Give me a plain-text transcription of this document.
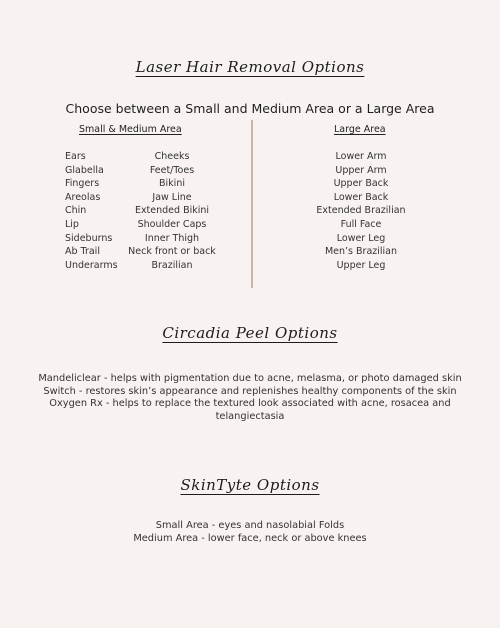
Laser Hair Removal Options
Choose between a Small and Medium Area or a Large Area
Small & Medium Area	Large Area
Ears
Glabella
Fingers
Areolas
Chin
Lip
Sideburns
Ab Trail
Underarms
Cheeks
Feet/Toes
Bikini
Jaw Line
Extended Bikini
Shoulder Caps
Inner Thigh
Neck front or back
Brazilian
Lower Arm
Upper Arm
Upper Back
Lower Back
Extended Brazilian
Full Face
Lower Leg
Men’s Brazilian
Upper Leg
Circadia Peel Options

Mandeliclear - helps with pigmentation due to acne, melasma, or photo damaged skin
Switch - restores skin’s appearance and replenishes healthy components of the skin
Oxygen Rx - helps to replace the textured look associated with acne, rosacea and
telangiectasia

SkinTyte Options

Small Area - eyes and nasolabial Folds
Medium Area - lower face, neck or above knees
